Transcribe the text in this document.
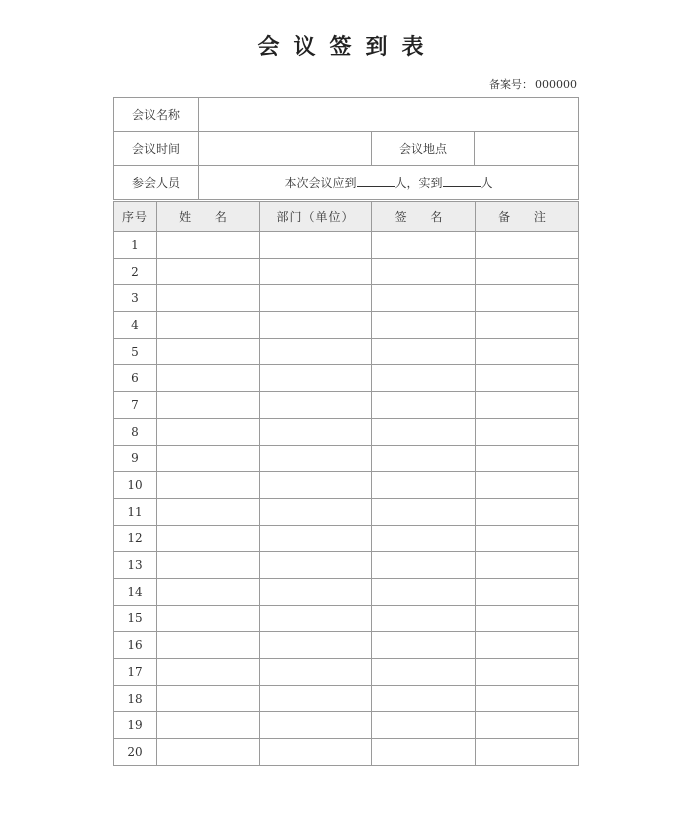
会议签到表
备案号： 000000
会议名称			
会议时间		会议地点	
参会人员	本次会议应到 人，实到 人		
序号	姓 名	部门（单位）	签 名	备 注
1				
2				
3				
4				
5				
6				
7				
8				
9				
10				
11				
12				
13				
14				
15				
16				
17				
18				
19				
20				
